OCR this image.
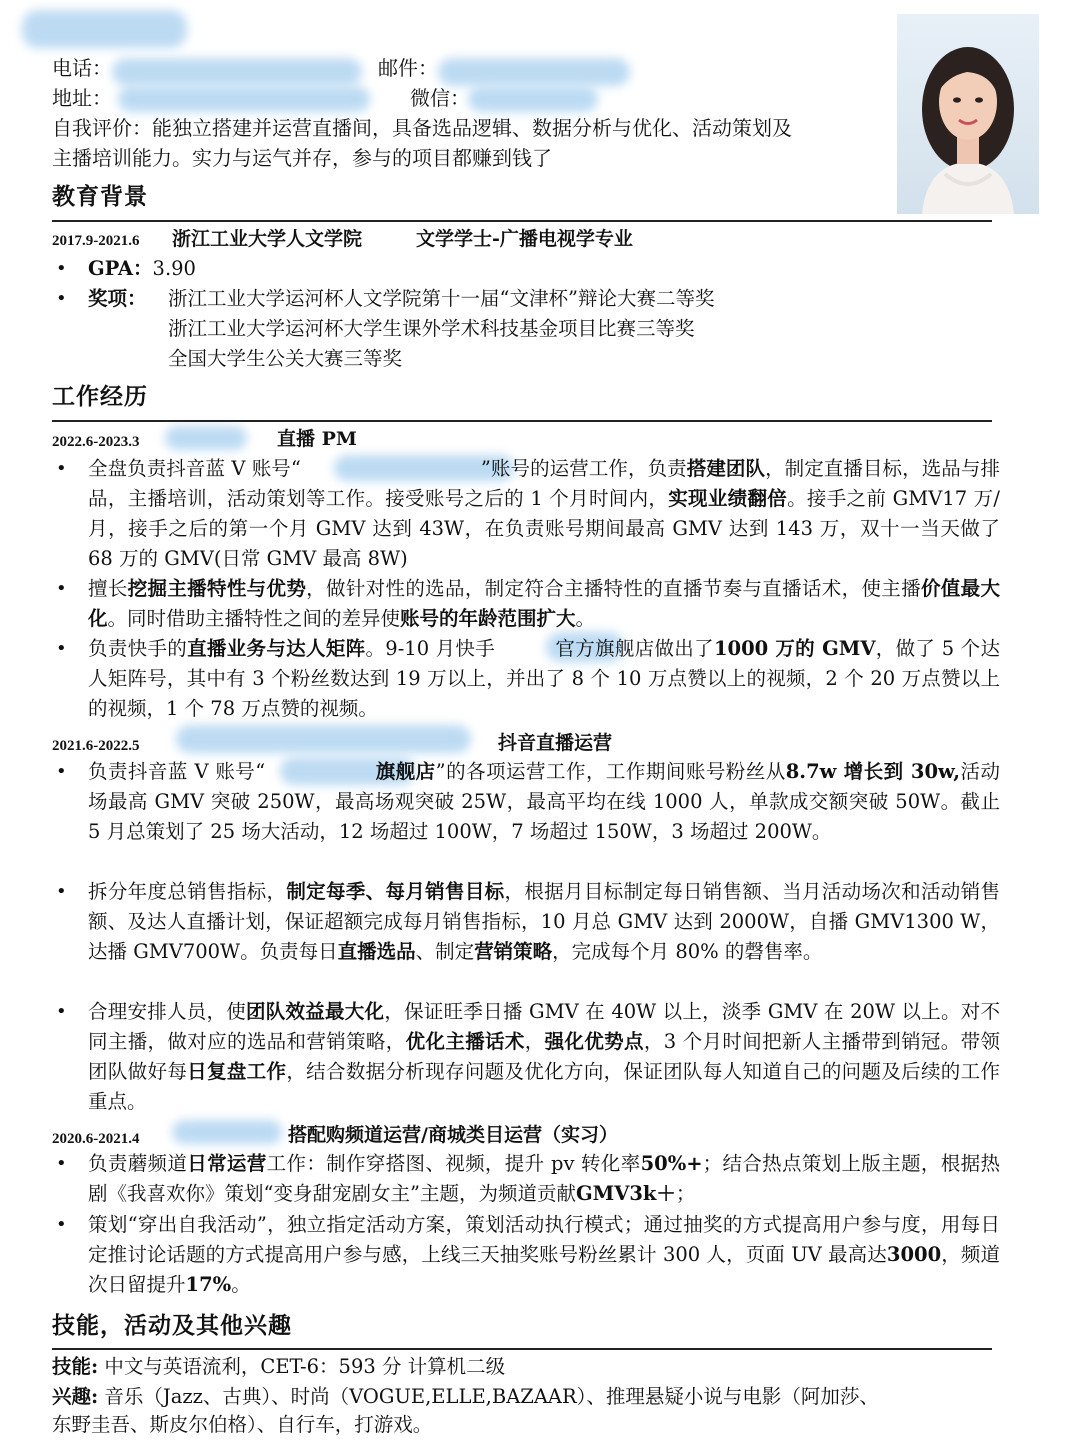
电话：	邮件：
地址：	微信：
自我评价：能独立搭建并运营直播间，具备选品逻辑、数据分析与优化、活动策划及
主播培训能力。实力与运气并存，参与的项目都赚到钱了
教育背景
2017.9-2021.6 浙江工业大学人文学院	文学学士-广播电视学专业
• GPA：3.90
• 奖项：	浙江工业大学运河杯人文学院第十一届“文津杯”辩论大赛二等奖
浙江工业大学运河杯大学生课外学术科技基金项目比赛三等奖
全国大学生公关大赛三等奖
工作经历
2022.6-2023.3	直播 PM
• 全盘负责抖音蓝 V 账号“	”账号的运营工作，负责搭建团队，制定直播目标，选品与排品，主播培训，活动策划等工作。接受账号之后的 1 个月时间内，实现业绩翻倍。接手之前 GMV17 万/月，接手之后的第一个月 GMV 达到 43W，在负责账号期间最高 GMV 达到 143 万，双十一当天做了 68 万的 GMV(日常 GMV 最高 8W)
• 擅长挖掘主播特性与优势，做针对性的选品，制定符合主播特性的直播节奏与直播话术，使主播价值最大化。同时借助主播特性之间的差异使账号的年龄范围扩大。
• 负责快手的直播业务与达人矩阵。9-10 月快手	官方旗舰店做出了1000 万的 GMV，做了 5 个达人矩阵号，其中有 3 个粉丝数达到 19 万以上，并出了 8 个 10 万点赞以上的视频，2 个 20 万点赞以上的视频，1 个 78 万点赞的视频。
2021.6-2022.5	抖音直播运营
• 负责抖音蓝 V 账号“	旗舰店”的各项运营工作，工作期间账号粉丝从8.7w 增长到 30w,活动场最高 GMV 突破 250W，最高场观突破 25W，最高平均在线 1000 人，单款成交额突破 50W。截止 5 月总策划了 25 场大活动，12 场超过 100W，7 场超过 150W，3 场超过 200W。
• 拆分年度总销售指标，制定每季、每月销售目标，根据月目标制定每日销售额、当月活动场次和活动销售额、及达人直播计划，保证超额完成每月销售指标，10 月总 GMV 达到 2000W，自播 GMV1300 W，达播 GMV700W。负责每日直播选品、制定营销策略，完成每个月 80% 的磬售率。
• 合理安排人员，使团队效益最大化，保证旺季日播 GMV 在 40W 以上，淡季 GMV 在 20W 以上。对不同主播，做对应的选品和营销策略，优化主播话术，强化优势点，3 个月时间把新人主播带到销冠。带领团队做好每日复盘工作，结合数据分析现存问题及优化方向，保证团队每人知道自己的问题及后续的工作重点。
2020.6-2021.4	搭配购频道运营/商城类目运营（实习）
• 负责蘑频道日常运营工作：制作穿搭图、视频，提升 pv 转化率50%+；结合热点策划上版主题，根据热剧《我喜欢你》策划“变身甜宠剧女主”主题，为频道贡献GMV3k＋；
• 策划“穿出自我活动”，独立指定活动方案，策划活动执行模式；通过抽奖的方式提高用户参与度，用每日定推讨论话题的方式提高用户参与感，上线三天抽奖账号粉丝累计 300 人，页面 UV 最高达3000，频道次日留提升17%。
技能，活动及其他兴趣
技能: 中文与英语流利，CET-6：593 分 计算机二级
兴趣: 音乐（Jazz、古典）、时尚（VOGUE,ELLE,BAZAAR）、推理悬疑小说与电影（阿加莎、
东野圭吾、斯皮尔伯格）、自行车，打游戏。
